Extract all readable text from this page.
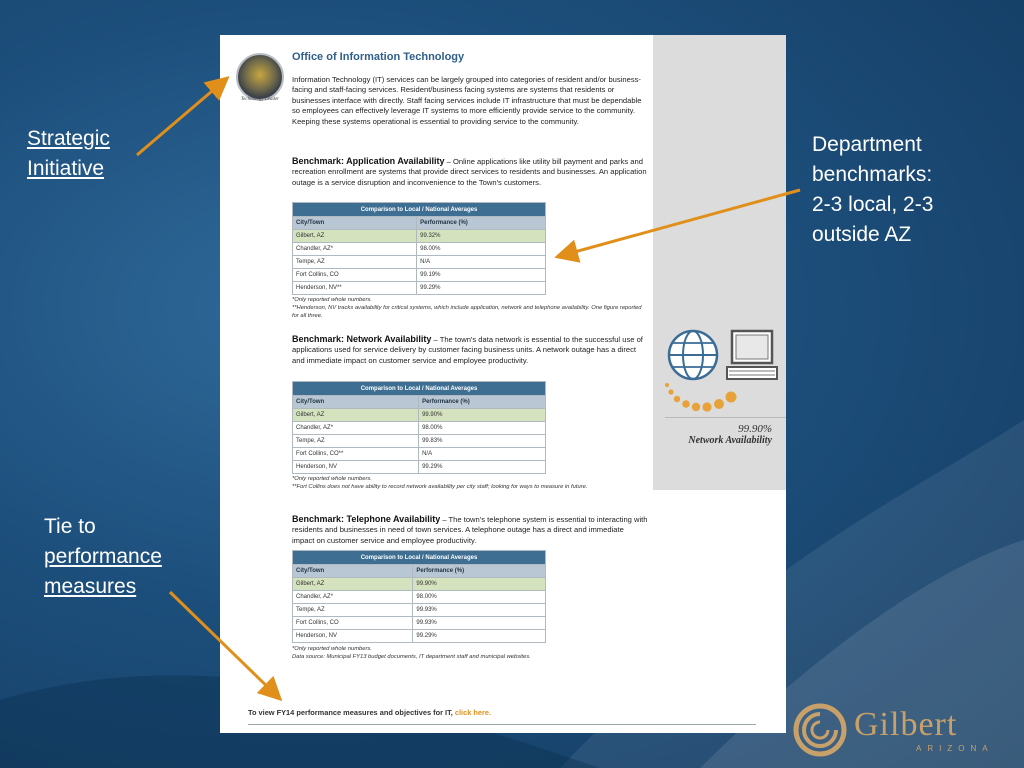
Strategic
Initiative
Department
benchmarks:
2-3 local, 2-3
outside AZ
Tie to
performance
measures
Technology Leader
Office of Information Technology
Information Technology (IT) services can be largely grouped into categories of resident and/or business-facing and staff-facing services. Resident/business facing systems are systems that residents or businesses interface with directly. Staff facing services include IT infrastructure that must be dependable so employees can effectively leverage IT systems to more efficiently provide service to the community. Keeping these systems operational is essential to providing service to the community.
Benchmark: Application Availability – Online applications like utility bill payment and parks and recreation enrollment are systems that provide direct services to residents and businesses. An application outage is a service disruption and inconvenience to the Town's customers.
Comparison to Local / National Averages	
City/Town	Performance (%)
Gilbert, AZ	99.32%
Chandler, AZ*	98.00%
Tempe, AZ	N/A
Fort Collins, CO	99.19%
Henderson, NV**	99.29%
*Only reported whole numbers.
**Henderson, NV tracks availability for critical systems, which include application, network and telephone availability. One figure reported for all three.
Benchmark: Network Availability – The town's data network is essential to the successful use of applications used for service delivery by customer facing business units. A network outage has a direct and immediate impact on customer service and employee productivity.
Comparison to Local / National Averages	
City/Town	Performance (%)
Gilbert, AZ	99.90%
Chandler, AZ*	98.00%
Tempe, AZ	99.83%
Fort Collins, CO**	N/A
Henderson, NV	99.29%
*Only reported whole numbers.
**Fort Collins does not have ability to record network availability per city staff; looking for ways to measure in future.
Benchmark: Telephone Availability – The town's telephone system is essential to interacting with residents and businesses in need of town services. A telephone outage has a direct and immediate impact on customer service and employee productivity.
Comparison to Local / National Averages	
City/Town	Performance (%)
Gilbert, AZ	99.90%
Chandler, AZ*	98.00%
Tempe, AZ	99.93%
Fort Collins, CO	99.93%
Henderson, NV	99.29%
*Only reported whole numbers.
Data source: Municipal FY13 budget documents, IT department staff and municipal websites.
99.90%
Network Availability
To view FY14 performance measures and objectives for IT, click here.	Gilbert
ARIZONA
